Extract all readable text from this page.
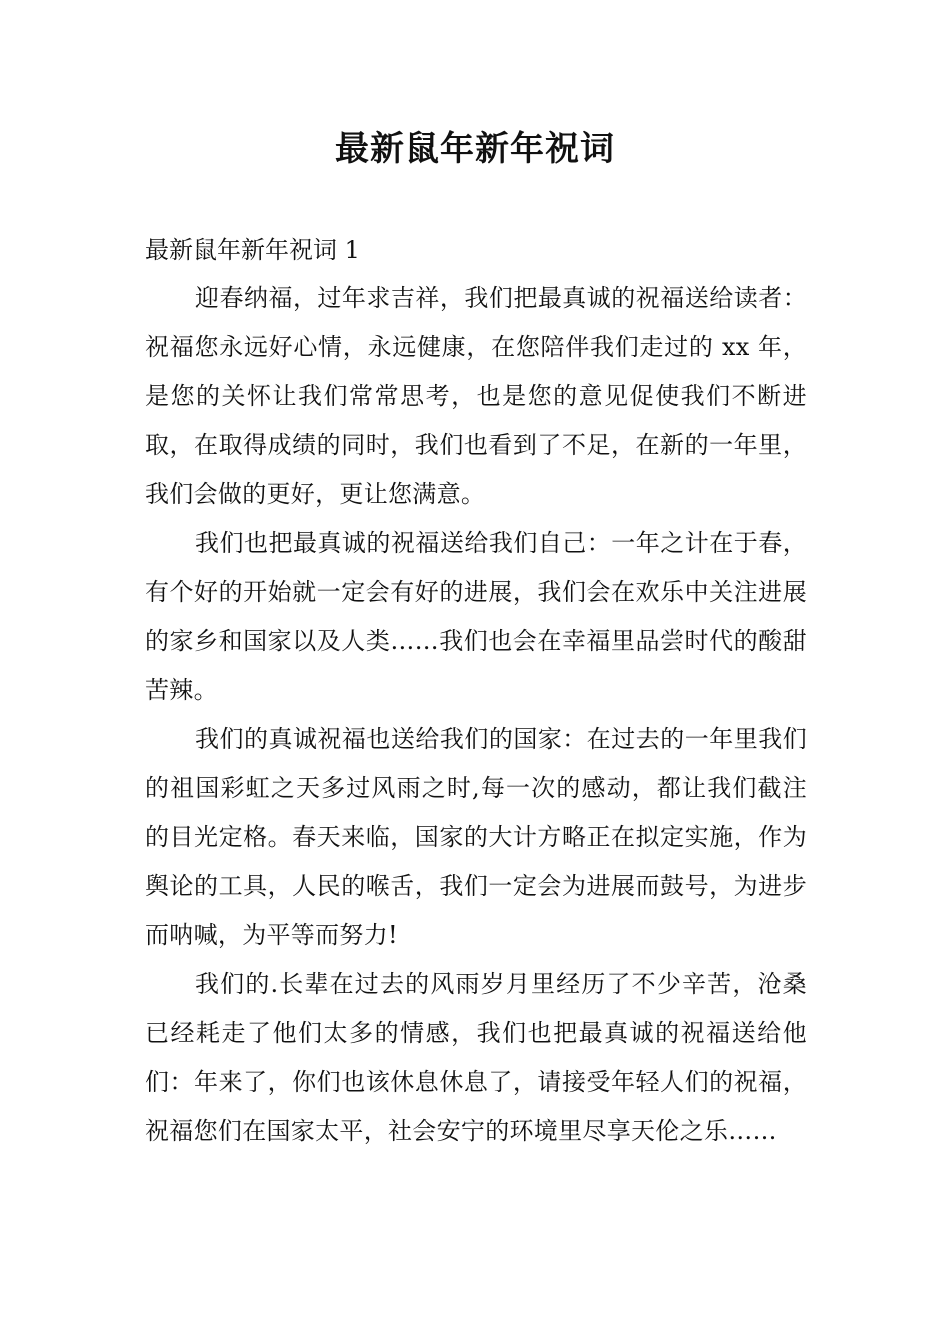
最新鼠年新年祝词

最新鼠年新年祝词 1

迎春纳福，过年求吉祥，我们把最真诚的祝福送给读者：祝福您永远好心情，永远健康，在您陪伴我们走过的 xx 年，是您的关怀让我们常常思考，也是您的意见促使我们不断进取，在取得成绩的同时，我们也看到了不足，在新的一年里，我们会做的更好，更让您满意。

我们也把最真诚的祝福送给我们自己：一年之计在于春，有个好的开始就一定会有好的进展，我们会在欢乐中关注进展的家乡和国家以及人类……我们也会在幸福里品尝时代的酸甜苦辣。

我们的真诚祝福也送给我们的国家：在过去的一年里我们的祖国彩虹之天多过风雨之时,每一次的感动，都让我们截注的目光定格。春天来临，国家的大计方略正在拟定实施，作为舆论的工具，人民的喉舌，我们一定会为进展而鼓号，为进步而呐喊，为平等而努力!

我们的.长辈在过去的风雨岁月里经历了不少辛苦，沧桑已经耗走了他们太多的情感，我们也把最真诚的祝福送给他们：年来了，你们也该休息休息了，请接受年轻人们的祝福，祝福您们在国家太平，社会安宁的环境里尽享天伦之乐……
